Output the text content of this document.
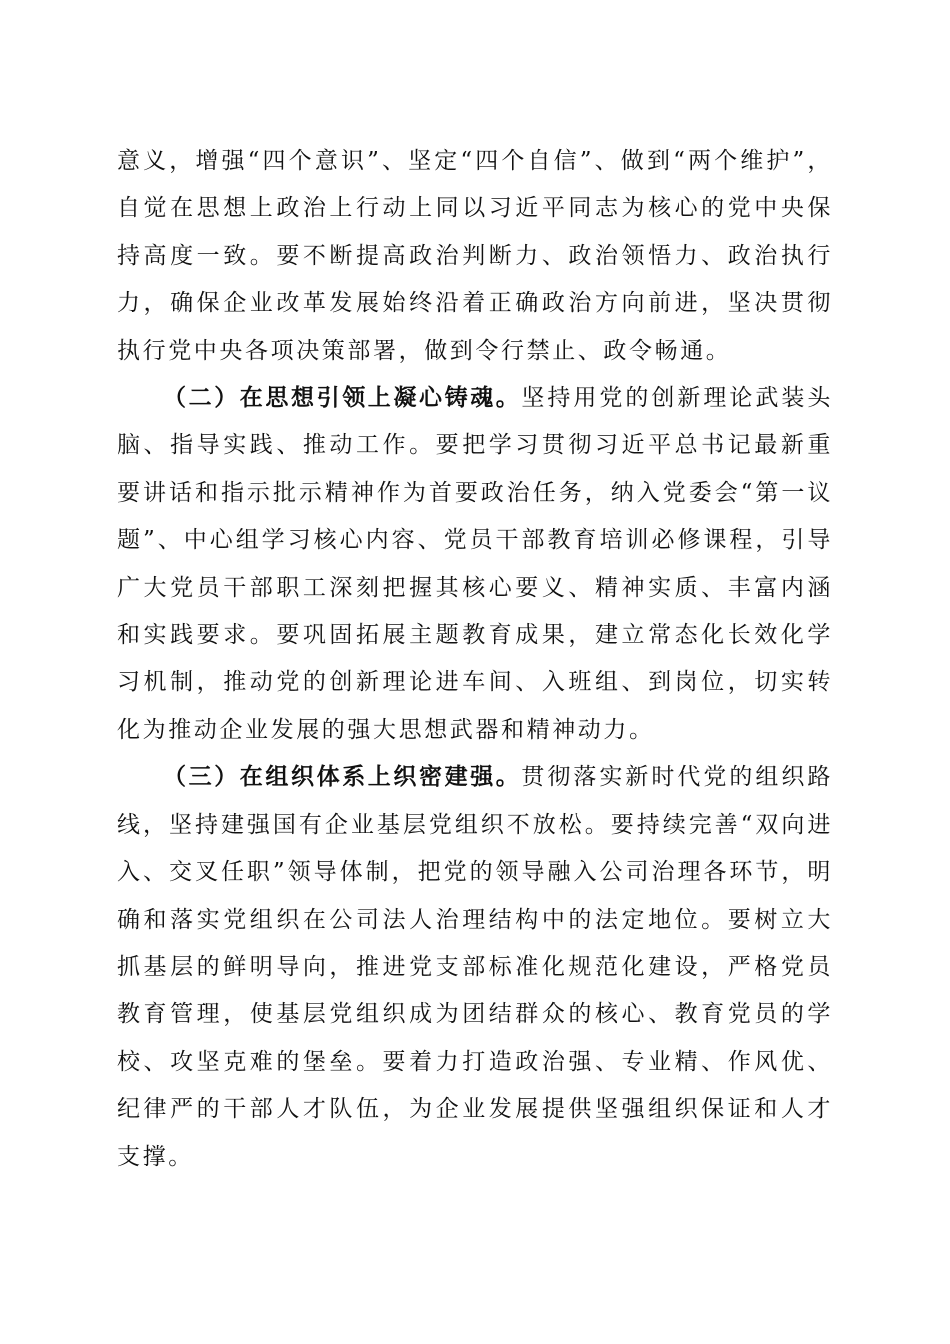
意义，增强“四个意识”、坚定“四个自信”、做到“两个维护”，自觉在思想上政治上行动上同以习近平同志为核心的党中央保持高度一致。要不断提高政治判断力、政治领悟力、政治执行力，确保企业改革发展始终沿着正确政治方向前进，坚决贯彻执行党中央各项决策部署，做到令行禁止、政令畅通。

（二）在思想引领上凝心铸魂。坚持用党的创新理论武装头脑、指导实践、推动工作。要把学习贯彻习近平总书记最新重要讲话和指示批示精神作为首要政治任务，纳入党委会“第一议题”、中心组学习核心内容、党员干部教育培训必修课程，引导广大党员干部职工深刻把握其核心要义、精神实质、丰富内涵和实践要求。要巩固拓展主题教育成果，建立常态化长效化学习机制，推动党的创新理论进车间、入班组、到岗位，切实转化为推动企业发展的强大思想武器和精神动力。

（三）在组织体系上织密建强。贯彻落实新时代党的组织路线，坚持建强国有企业基层党组织不放松。要持续完善“双向进入、交叉任职”领导体制，把党的领导融入公司治理各环节，明确和落实党组织在公司法人治理结构中的法定地位。要树立大抓基层的鲜明导向，推进党支部标准化规范化建设，严格党员教育管理，使基层党组织成为团结群众的核心、教育党员的学校、攻坚克难的堡垒。要着力打造政治强、专业精、作风优、纪律严的干部人才队伍，为企业发展提供坚强组织保证和人才支撑。
